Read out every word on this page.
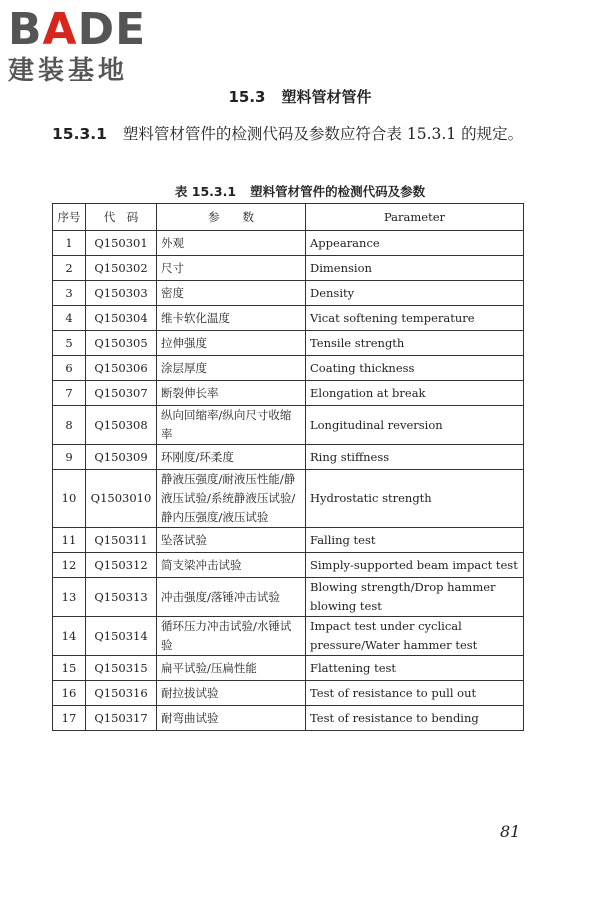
BADE
建装基地
15.3 塑料管材管件
15.3.1 塑料管材管件的检测代码及参数应符合表 15.3.1 的规定。
表 15.3.1 塑料管材管件的检测代码及参数
序号	代　码	参　　数	Parameter
1	Q150301	外观	Appearance
2	Q150302	尺寸	Dimension
3	Q150303	密度	Density
4	Q150304	维卡软化温度	Vicat softening temperature
5	Q150305	拉伸强度	Tensile strength
6	Q150306	涂层厚度	Coating thickness
7	Q150307	断裂伸长率	Elongation at break
8	Q150308	纵向回缩率/纵向尺寸收缩率	Longitudinal reversion
9	Q150309	环刚度/环柔度	Ring stiffness
10	Q1503010	静液压强度/耐液压性能/静液压试验/系统静液压试验/静内压强度/液压试验	Hydrostatic strength
11	Q150311	坠落试验	Falling test
12	Q150312	简支梁冲击试验	Simply-supported beam impact test
13	Q150313	冲击强度/落锤冲击试验	Blowing strength/Drop hammer blowing test
14	Q150314	循环压力冲击试验/水锤试验	Impact test under cyclical pressure/Water hammer test
15	Q150315	扁平试验/压扁性能	Flattening test
16	Q150316	耐拉拔试验	Test of resistance to pull out
17	Q150317	耐弯曲试验	Test of resistance to bending
81
